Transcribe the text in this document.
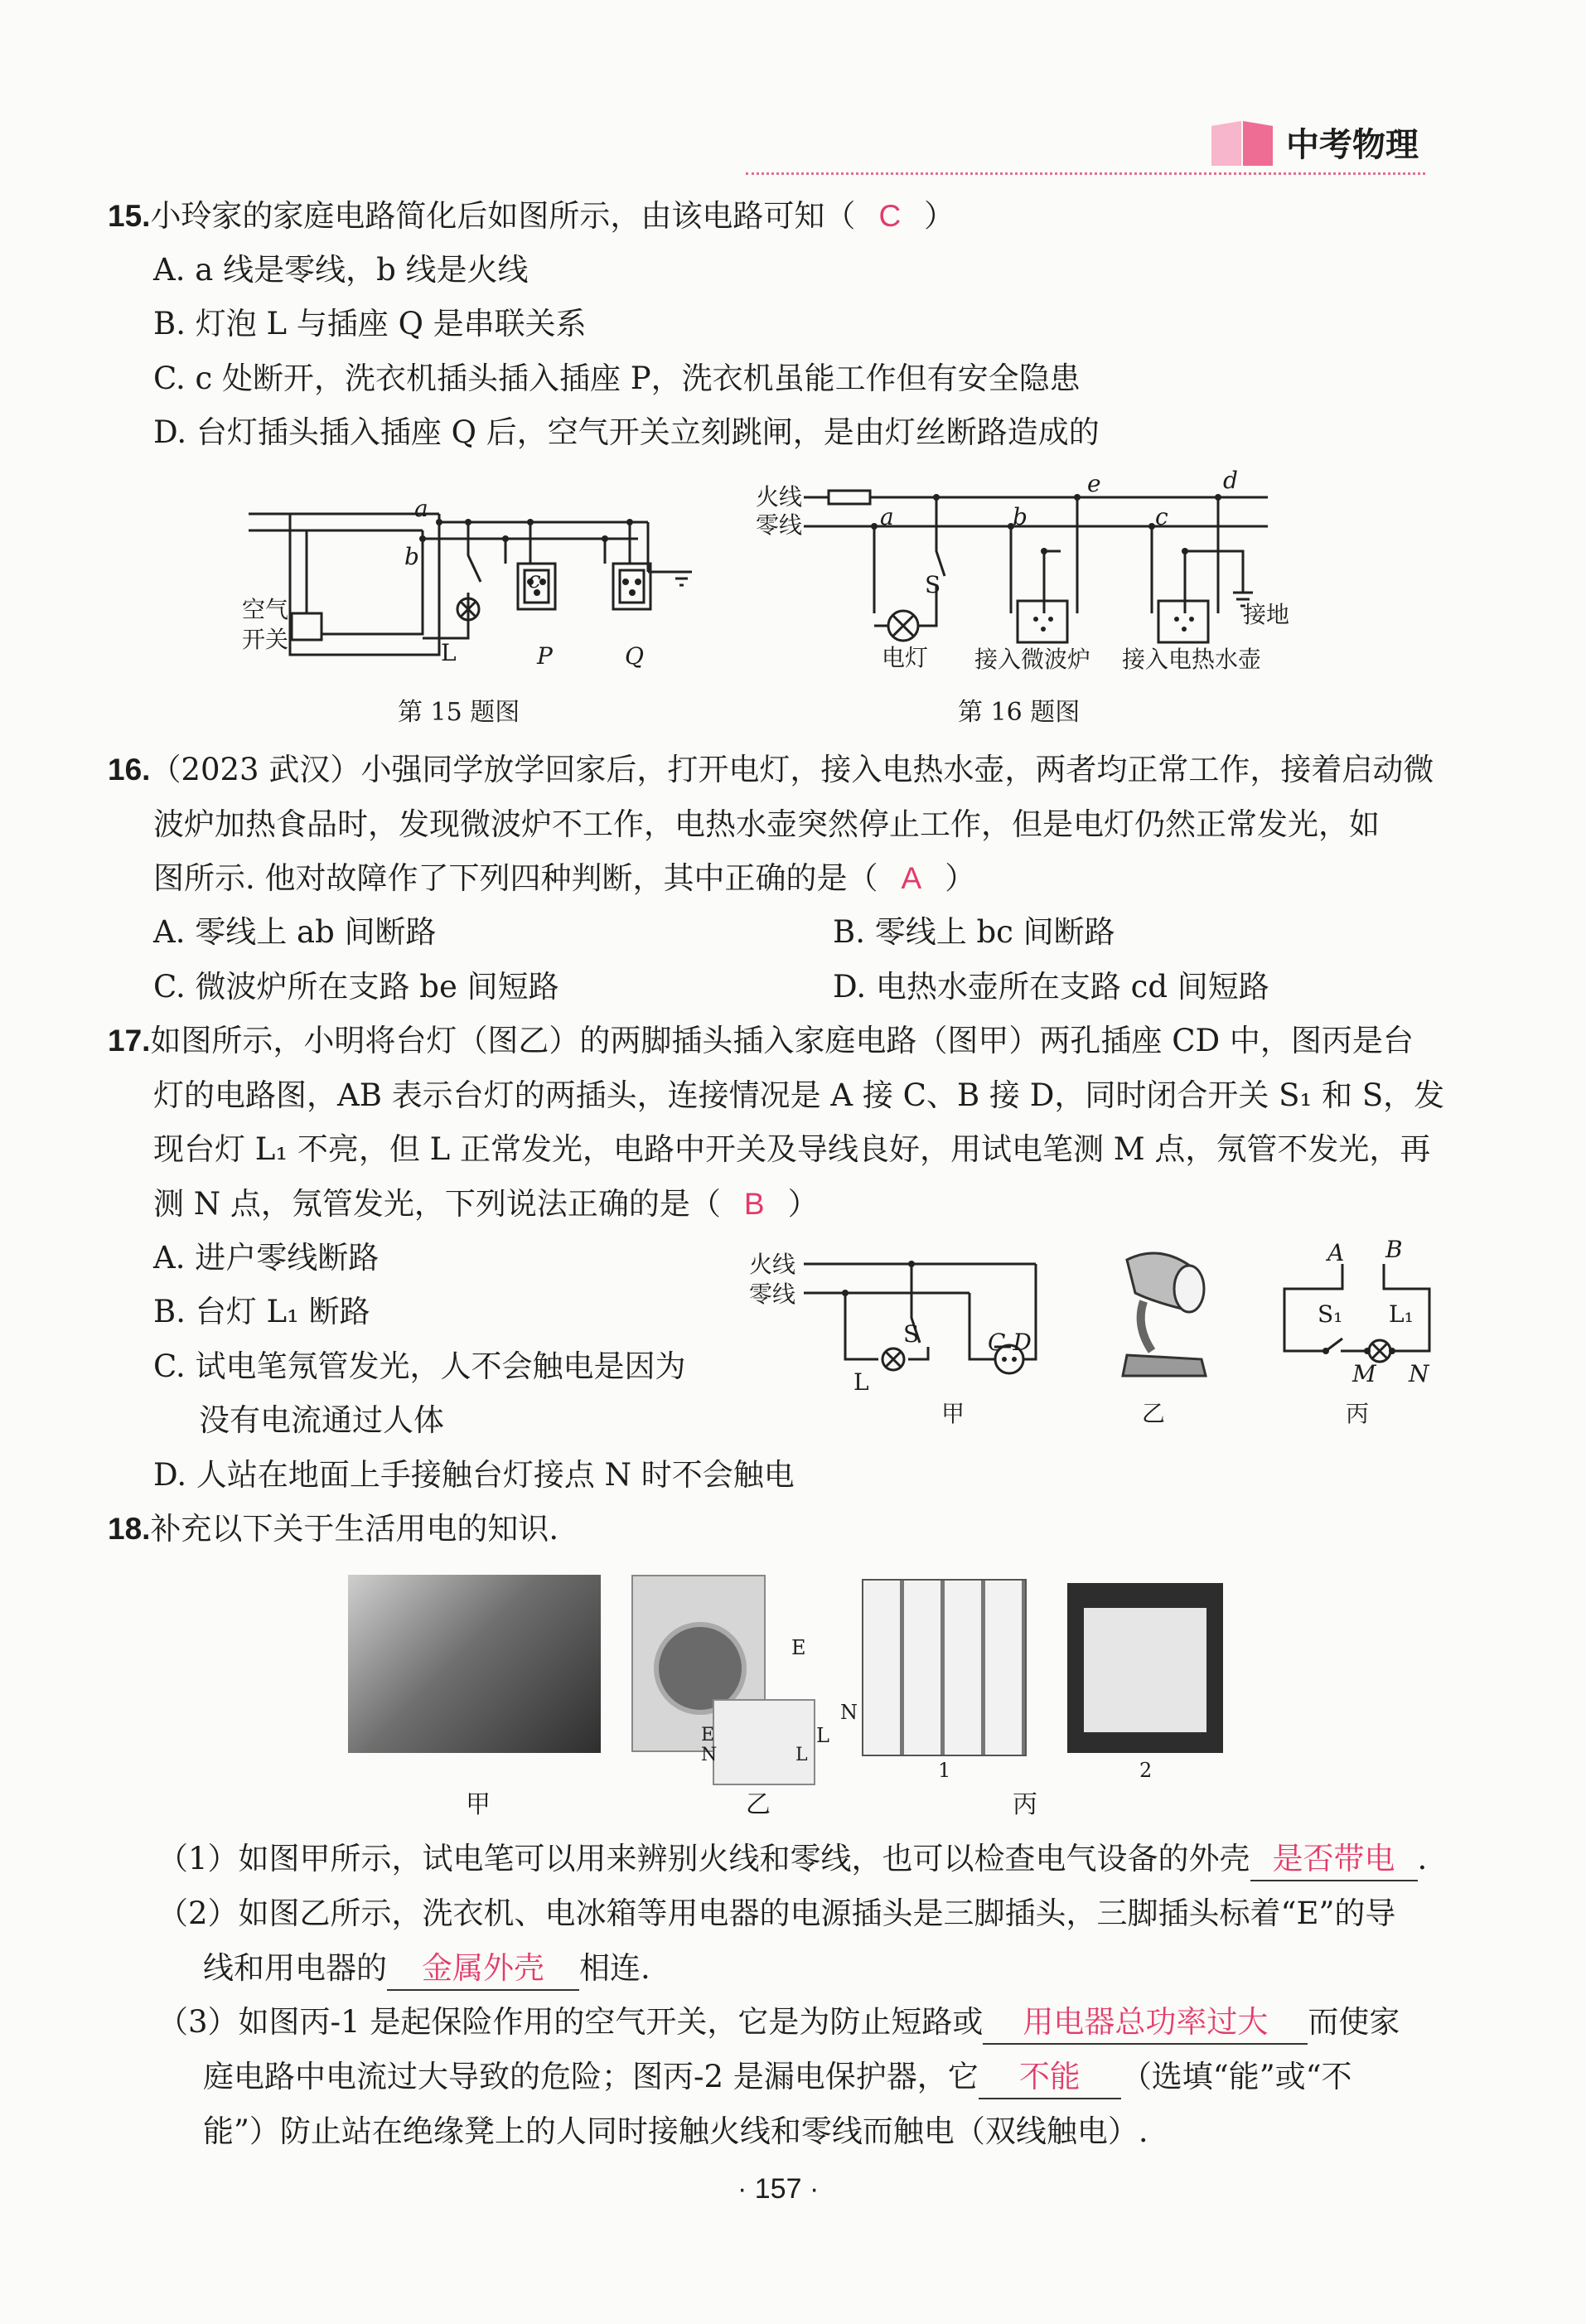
中考物理
15.小玲家的家庭电路简化后如图所示，由该电路可知（ C ）
A. a 线是零线，b 线是火线
B. 灯泡 L 与插座 Q 是串联关系
C. c 处断开，洗衣机插头插入插座 P，洗衣机虽能工作但有安全隐患
D. 台灯插头插入插座 Q 后，空气开关立刻跳闸，是由灯丝断路造成的
a
b
c
空气
开关	L	P	Q
第 15 题图
火线
零线	a
e
b
d
c
S
接地
电灯 接入微波炉 接入电热水壶
第 16 题图
16.（2023 武汉）小强同学放学回家后，打开电灯，接入电热水壶，两者均正常工作，接着启动微
波炉加热食品时，发现微波炉不工作，电热水壶突然停止工作，但是电灯仍然正常发光，如
图所示. 他对故障作了下列四种判断，其中正确的是（ A ）
A. 零线上 ab 间断路	B. 零线上 bc 间断路
C. 微波炉所在支路 be 间短路	D. 电热水壶所在支路 cd 间短路
17.如图所示，小明将台灯（图乙）的两脚插头插入家庭电路（图甲）两孔插座 CD 中，图丙是台
灯的电路图，AB 表示台灯的两插头，连接情况是 A 接 C、B 接 D，同时闭合开关 S₁ 和 S，发
现台灯 L₁ 不亮，但 L 正常发光，电路中开关及导线良好，用试电笔测 M 点，氖管不发光，再
测 N 点，氖管发光，下列说法正确的是（ B ）
A. 进户零线断路
B. 台灯 L₁ 断路
C. 试电笔氖管发光，人不会触电是因为
没有电流通过人体
D. 人站在地面上手接触台灯接点 N 时不会触电
火线
零线
S
L
C D
甲	乙
A B
S₁ L₁
M N
丙
18.补充以下关于生活用电的知识.
E
N
L
E
N	L
1	2
甲	乙	丙
（1）如图甲所示，试电笔可以用来辨别火线和零线，也可以检查电气设备的外壳 是否带电 .
（2）如图乙所示，洗衣机、电冰箱等用电器的电源插头是三脚插头，三脚插头标着“E”的导
线和用电器的 金属外壳 相连.
（3）如图丙-1 是起保险作用的空气开关，它是为防止短路或 用电器总功率过大 而使家
庭电路中电流过大导致的危险；图丙-2 是漏电保护器，它 不能 （选填“能”或“不
能”）防止站在绝缘凳上的人同时接触火线和零线而触电（双线触电）.
· 157 ·
